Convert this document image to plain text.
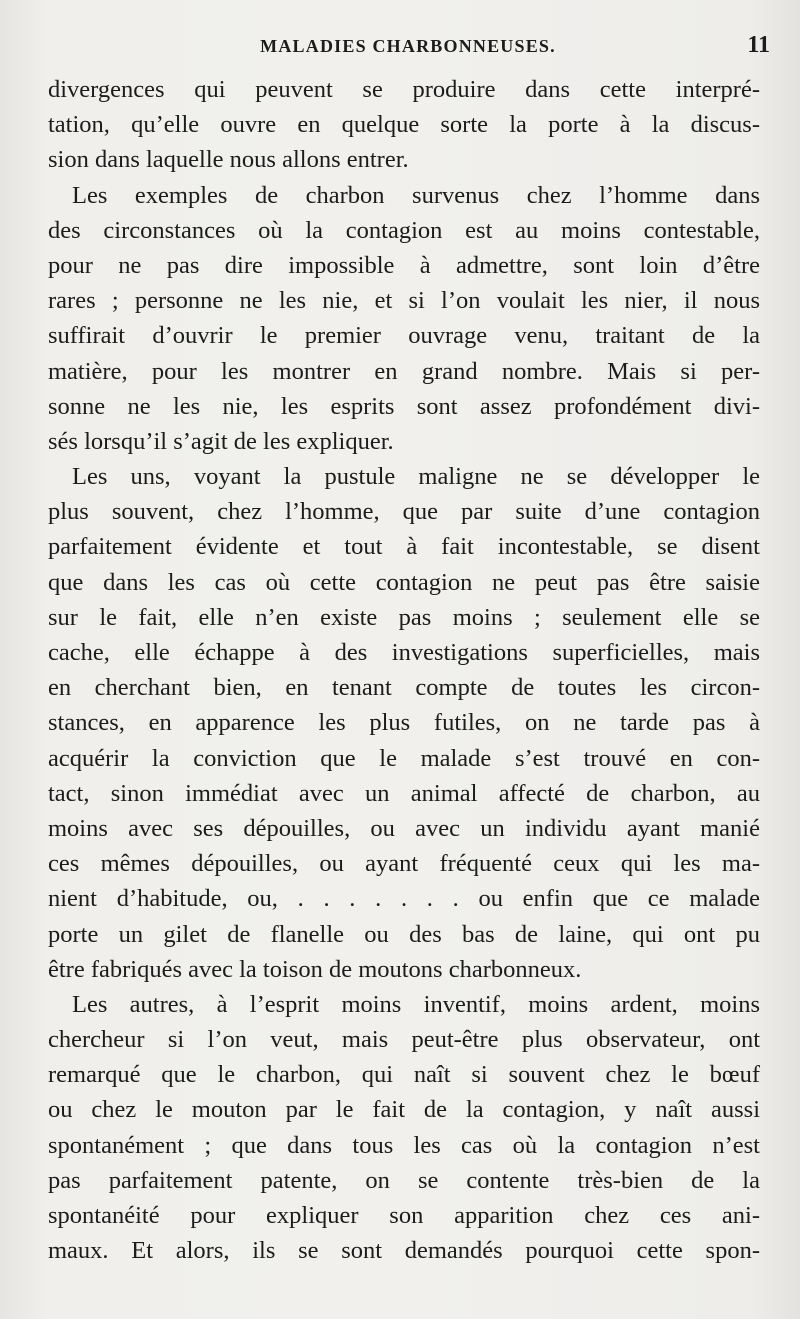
MALADIES CHARBONNEUSES.	11
divergences qui peuvent se produire dans cette interpré-
tation, qu’elle ouvre en quelque sorte la porte à la discus-
sion dans laquelle nous allons entrer.
Les exemples de charbon survenus chez l’homme dans
des circonstances où la contagion est au moins contestable,
pour ne pas dire impossible à admettre, sont loin d’être
rares ; personne ne les nie, et si l’on voulait les nier, il nous
suffirait d’ouvrir le premier ouvrage venu, traitant de la
matière, pour les montrer en grand nombre. Mais si per-
sonne ne les nie, les esprits sont assez profondément divi-
sés lorsqu’il s’agit de les expliquer.
Les uns, voyant la pustule maligne ne se développer le
plus souvent, chez l’homme, que par suite d’une contagion
parfaitement évidente et tout à fait incontestable, se disent
que dans les cas où cette contagion ne peut pas être saisie
sur le fait, elle n’en existe pas moins ; seulement elle se
cache, elle échappe à des investigations superficielles, mais
en cherchant bien, en tenant compte de toutes les circon-
stances, en apparence les plus futiles, on ne tarde pas à
acquérir la conviction que le malade s’est trouvé en con-
tact, sinon immédiat avec un animal affecté de charbon, au
moins avec ses dépouilles, ou avec un individu ayant manié
ces mêmes dépouilles, ou ayant fréquenté ceux qui les ma-
nient d’habitude, ou, . . . . . . . ou enfin que ce malade
porte un gilet de flanelle ou des bas de laine, qui ont pu
être fabriqués avec la toison de moutons charbonneux.
Les autres, à l’esprit moins inventif, moins ardent, moins
chercheur si l’on veut, mais peut-être plus observateur, ont
remarqué que le charbon, qui naît si souvent chez le bœuf
ou chez le mouton par le fait de la contagion, y naît aussi
spontanément ; que dans tous les cas où la contagion n’est
pas parfaitement patente, on se contente très-bien de la
spontanéité pour expliquer son apparition chez ces ani-
maux. Et alors, ils se sont demandés pourquoi cette spon-
